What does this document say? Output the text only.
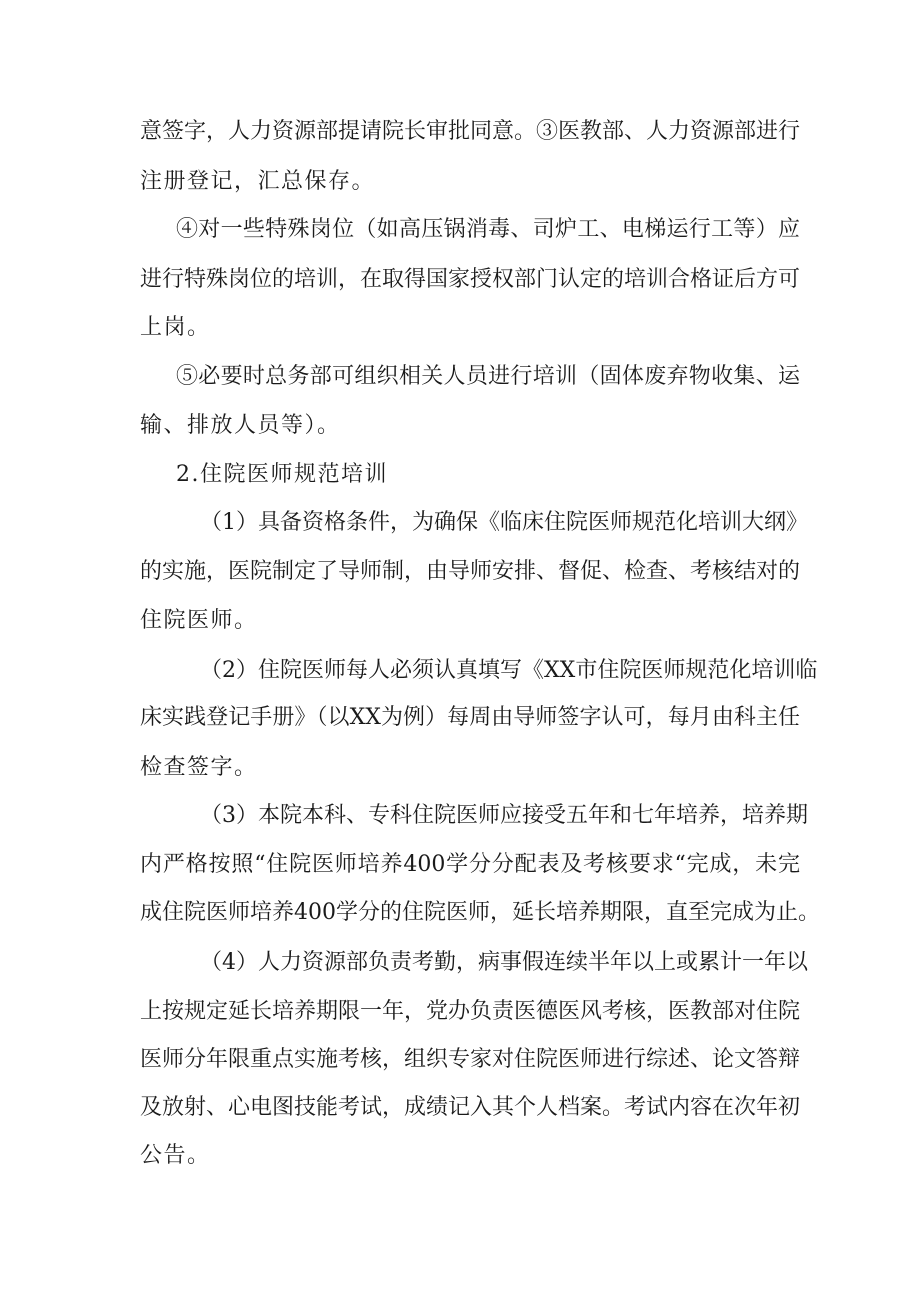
意签字，人力资源部提请院长审批同意。③医教部、人力资源部进行
注册登记，汇总保存。
④对一些特殊岗位（如高压锅消毒、司炉工、电梯运行工等）应
进行特殊岗位的培训，在取得国家授权部门认定的培训合格证后方可
上岗。
⑤必要时总务部可组织相关人员进行培训（固体废弃物收集、运
输、排放人员等）。
2.住院医师规范培训
（1）具备资格条件，为确保《临床住院医师规范化培训大纲》
的实施，医院制定了导师制，由导师安排、督促、检查、考核结对的
住院医师。
（2）住院医师每人必须认真填写《XX市住院医师规范化培训临
床实践登记手册》（以XX为例）每周由导师签字认可，每月由科主任
检查签字。
（3）本院本科、专科住院医师应接受五年和七年培养，培养期
内严格按照“住院医师培养400学分分配表及考核要求“完成，未完
成住院医师培养400学分的住院医师，延长培养期限，直至完成为止。
（4）人力资源部负责考勤，病事假连续半年以上或累计一年以
上按规定延长培养期限一年，党办负责医德医风考核，医教部对住院
医师分年限重点实施考核，组织专家对住院医师进行综述、论文答辩
及放射、心电图技能考试，成绩记入其个人档案。考试内容在次年初
公告。
